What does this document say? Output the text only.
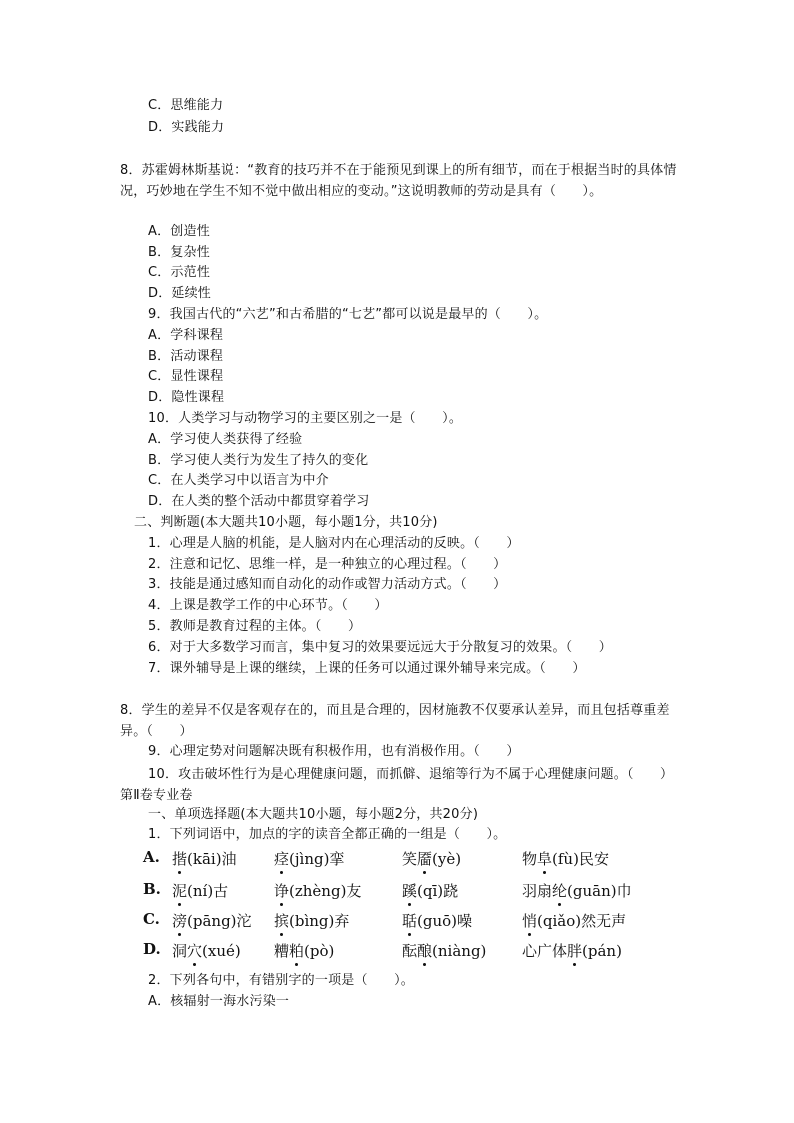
C．思维能力
D．实践能力
8．苏霍姆林斯基说：“教育的技巧并不在于能预见到课上的所有细节，而在于根据当时的具体情况，巧妙地在学生不知不觉中做出相应的变动。”这说明教师的劳动是具有（　　）。
A．创造性
B．复杂性
C．示范性
D．延续性
9．我国古代的“六艺”和古希腊的“七艺”都可以说是最早的（　　）。
A．学科课程
B．活动课程
C．显性课程
D．隐性课程
10．人类学习与动物学习的主要区别之一是（　　）。
A．学习使人类获得了经验
B．学习使人类行为发生了持久的变化
C．在人类学习中以语言为中介
D．在人类的整个活动中都贯穿着学习
二、判断题(本大题共10小题，每小题1分，共10分)
1．心理是人脑的机能，是人脑对内在心理活动的反映。（　　）
2．注意和记忆、思维一样，是一种独立的心理过程。（　　）
3．技能是通过感知而自动化的动作或智力活动方式。（　　）
4．上课是教学工作的中心环节。（　　）
5．教师是教育过程的主体。（　　）
6．对于大多数学习而言，集中复习的效果要远远大于分散复习的效果。（　　）
7．课外辅导是上课的继续，上课的任务可以通过课外辅导来完成。（　　）
8．学生的差异不仅是客观存在的，而且是合理的，因材施教不仅要承认差异，而且包括尊重差异。（　　）
9．心理定势对问题解决既有积极作用，也有消极作用。（　　）
10．攻击破坏性行为是心理健康问题，而抓僻、退缩等行为不属于心理健康问题。（　　）　第Ⅱ卷专业卷
一、单项选择题(本大题共10小题，每小题2分，共20分)
1．下列词语中，加点的字的读音全都正确的一组是（　　）。
A. 揩(kāi)油 痉(jìng)挛	笑靥(yè)	物阜(fù)民安
B. 泥(ní)古	诤(zhèng)友	蹊(qī)跷	羽扇纶(guān)巾
C. 滂(pāng)沱 摈(bìng)弃	聒(guō)噪	悄(qiǎo)然无声
D. 洞穴(xué) 糟粕(pò)	酝酿(niàng) 心广体胖(pán)
2．下列各句中，有错别字的一项是（　　）。
A．核辐射一海水污染一
